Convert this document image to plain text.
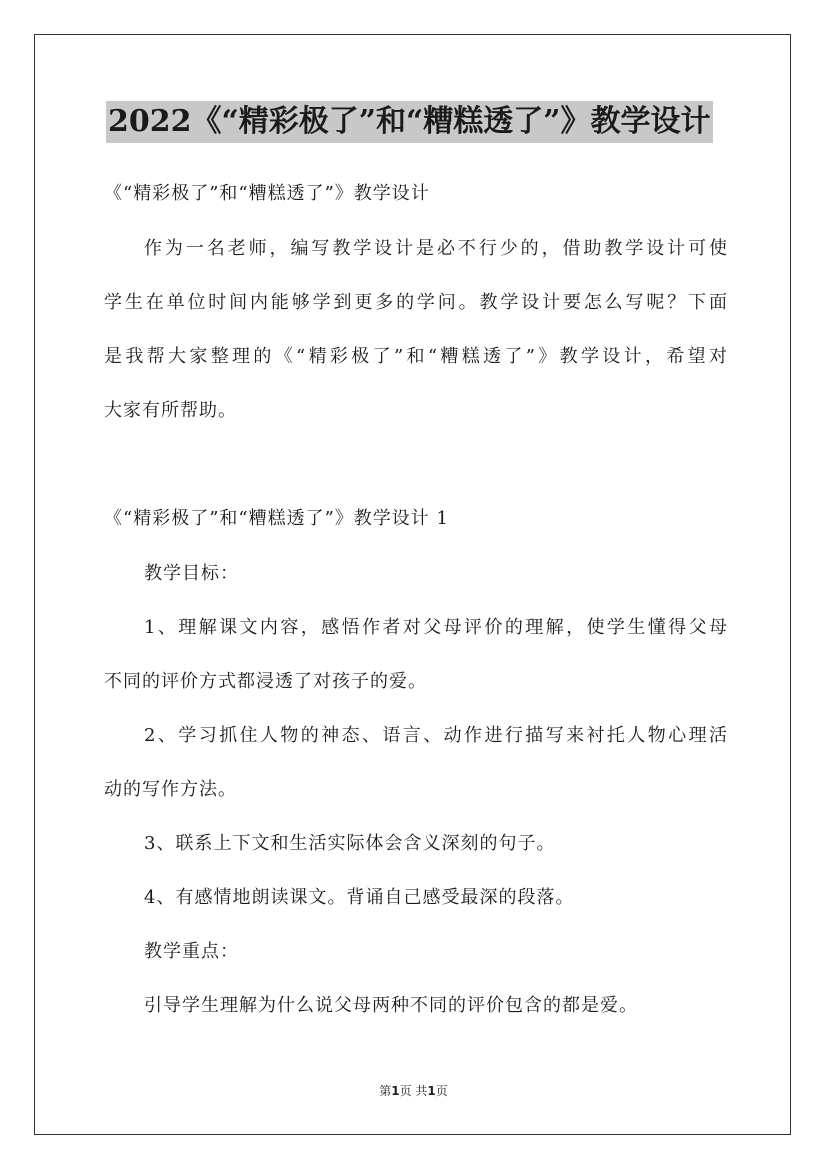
2022《“精彩极了”和“糟糕透了”》教学设计
《“精彩极了”和“糟糕透了”》教学设计
作为一名老师，编写教学设计是必不行少的，借助教学设计可使
学生在单位时间内能够学到更多的学问。教学设计要怎么写呢？下面
是我帮大家整理的《“精彩极了”和“糟糕透了”》教学设计，希望对
大家有所帮助。
《“精彩极了”和“糟糕透了”》教学设计 1
教学目标：
1、理解课文内容，感悟作者对父母评价的理解，使学生懂得父母
不同的评价方式都浸透了对孩子的爱。
2、学习抓住人物的神态、语言、动作进行描写来衬托人物心理活
动的写作方法。
3、联系上下文和生活实际体会含义深刻的句子。
4、有感情地朗读课文。背诵自己感受最深的段落。
教学重点：
引导学生理解为什么说父母两种不同的评价包含的都是爱。
第1页 共1页
